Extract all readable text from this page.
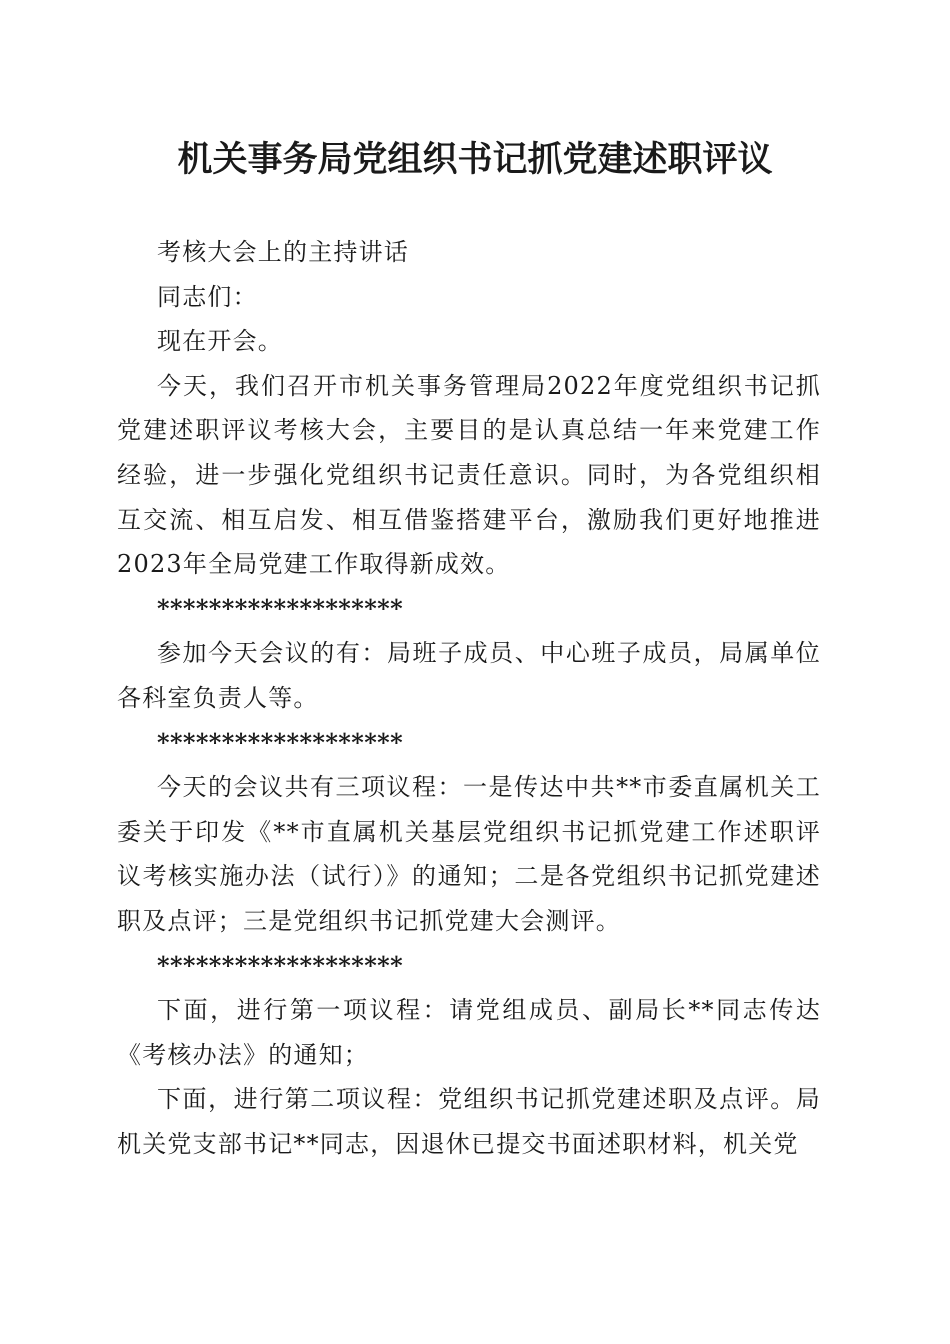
机关事务局党组织书记抓党建述职评议

考核大会上的主持讲话

同志们：

现在开会。

今天，我们召开市机关事务管理局2022年度党组织书记抓党建述职评议考核大会，主要目的是认真总结一年来党建工作经验，进一步强化党组织书记责任意识。同时，为各党组织相互交流、相互启发、相互借鉴搭建平台，激励我们更好地推进2023年全局党建工作取得新成效。

*******************

参加今天会议的有：局班子成员、中心班子成员，局属单位各科室负责人等。

*******************

今天的会议共有三项议程：一是传达中共**市委直属机关工委关于印发《**市直属机关基层党组织书记抓党建工作述职评议考核实施办法（试行）》的通知；二是各党组织书记抓党建述职及点评；三是党组织书记抓党建大会测评。

*******************

下面，进行第一项议程：请党组成员、副局长**同志传达《考核办法》的通知；

下面，进行第二项议程：党组织书记抓党建述职及点评。局机关党支部书记**同志，因退休已提交书面述职材料，机关党
